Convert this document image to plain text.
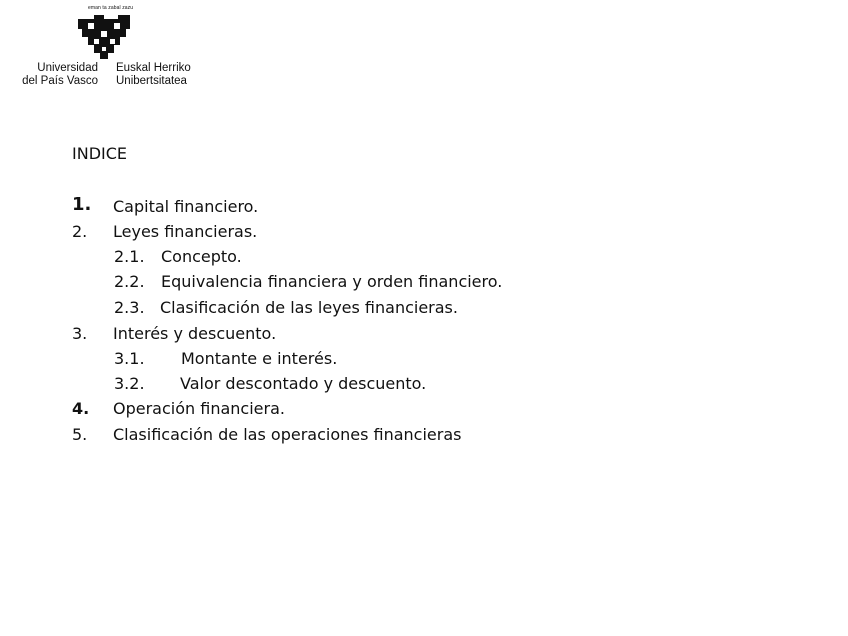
eman ta zabal zazu
Universidad
del País Vasco
Euskal Herriko
Unibertsitatea
INDICE
1. Capital financiero.
2. Leyes financieras.
2.1. Concepto.
2.2. Equivalencia financiera y orden financiero.
2.3. Clasificación de las leyes financieras.
3. Interés y descuento.
3.1. Montante e interés.
3.2. Valor descontado y descuento.
4. Operación financiera.
5. Clasificación de las operaciones financieras
